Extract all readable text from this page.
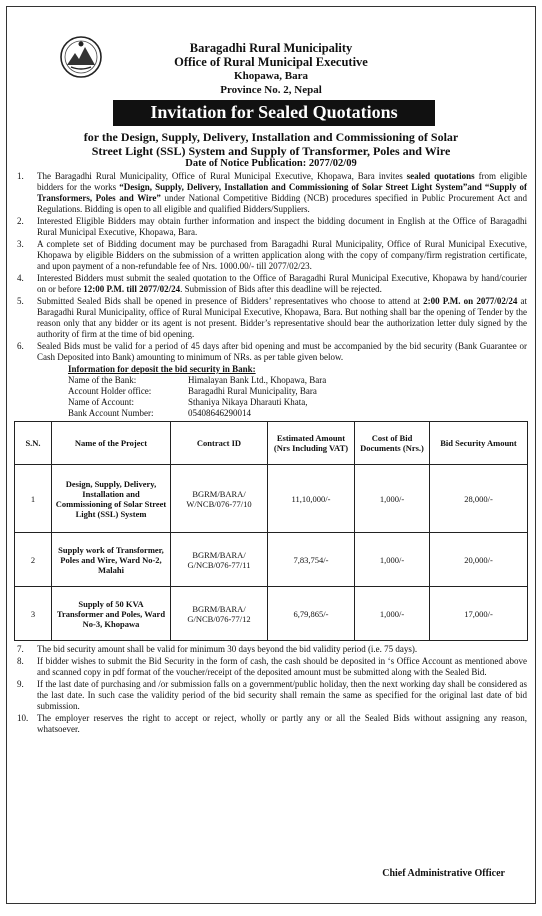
Baragadhi Rural Municipality
Office of Rural Municipal Executive
Khopawa, Bara
Province No. 2, Nepal
Invitation for Sealed Quotations
for the Design, Supply, Delivery, Installation and Commissioning of Solar
Street Light (SSL) System and Supply of Transformer, Poles and Wire
Date of Notice Publication: 2077/02/09
1. The Baragadhi Rural Municipality, Office of Rural Municipal Executive, Khopawa, Bara invites sealed quotations from eligible bidders for the works “Design, Supply, Delivery, Installation and Commissioning of Solar Street Light System”and “Supply of Transformers, Poles and Wire” under National Competitive Bidding (NCB) procedures specified in Public Procurement Act and Regulations. Bidding is open to all eligible and qualified Bidders/Suppliers.
2. Interested Eligible Bidders may obtain further information and inspect the bidding document in English at the Office of Baragadhi Rural Municipal Executive, Khopawa, Bara.
3. A complete set of Bidding document may be purchased from Baragadhi Rural Municipality, Office of Rural Municipal Executive, Khopawa by eligible Bidders on the submission of a written application along with the copy of company/firm registration certificate, and upon payment of a non-refundable fee of Nrs. 1000.00/- till 2077/02/23.
4. Interested Bidders must submit the sealed quotation to the Office of Baragadhi Rural Municipal Executive, Khopawa by hand/courier on or before 12:00 P.M. till 2077/02/24. Submission of Bids after this deadline will be rejected.
5. Submitted Sealed Bids shall be opened in presence of Bidders’ representatives who choose to attend at 2:00 P.M. on 2077/02/24 at Baragadhi Rural Municipality, office of Rural Municipal Executive, Khopawa, Bara. But nothing shall bar the opening of Tender by the reason only that any bidder or its agent is not present. Bidder’s representative should bear the authorization letter duly signed by the authority of firm at the time of bid opening.
6. Sealed Bids must be valid for a period of 45 days after bid opening and must be accompanied by the bid security (Bank Guarantee or Cash Deposited into Bank) amounting to minimum of NRs. as per table given below.
Information for deposit the bid security in Bank:
Name of the Bank:	Himalayan Bank Ltd., Khopawa, Bara
Account Holder office:	Baragadhi Rural Municipality, Bara
Name of Account:	Sthaniya Nikaya Dharauti Khata,
Bank Account Number:	05408646290014
S.N.	Name of the Project	Contract ID	Estimated Amount (Nrs Including VAT)	Cost of Bid Documents (Nrs.)	Bid Security Amount
1	Design, Supply, Delivery, Installation and Commissioning of Solar Street Light (SSL) System	BGRM/BARA/ W/NCB/076-77/10	11,10,000/-	1,000/-	28,000/-
2	Supply work of Transformer, Poles and Wire, Ward No-2, Malahi	BGRM/BARA/ G/NCB/076-77/11	7,83,754/-	1,000/-	20,000/-
3	Supply of 50 KVA Transformer and Poles, Ward No-3, Khopawa	BGRM/BARA/ G/NCB/076-77/12	6,79,865/-	1,000/-	17,000/-
7. The bid security amount shall be valid for minimum 30 days beyond the bid validity period (i.e. 75 days).
8. If bidder wishes to submit the Bid Security in the form of cash, the cash should be deposited in ‘s Office Account as mentioned above and scanned copy in pdf format of the voucher/receipt of the deposited amount must be submitted along with the Sealed Bid.
9. If the last date of purchasing and /or submission falls on a government/public holiday, then the next working day shall be considered as the last date. In such case the validity period of the bid security shall remain the same as specified for the original last date of bid submission.
10. The employer reserves the right to accept or reject, wholly or partly any or all the Sealed Bids without assigning any reason, whatsoever.
Chief Administrative Officer
